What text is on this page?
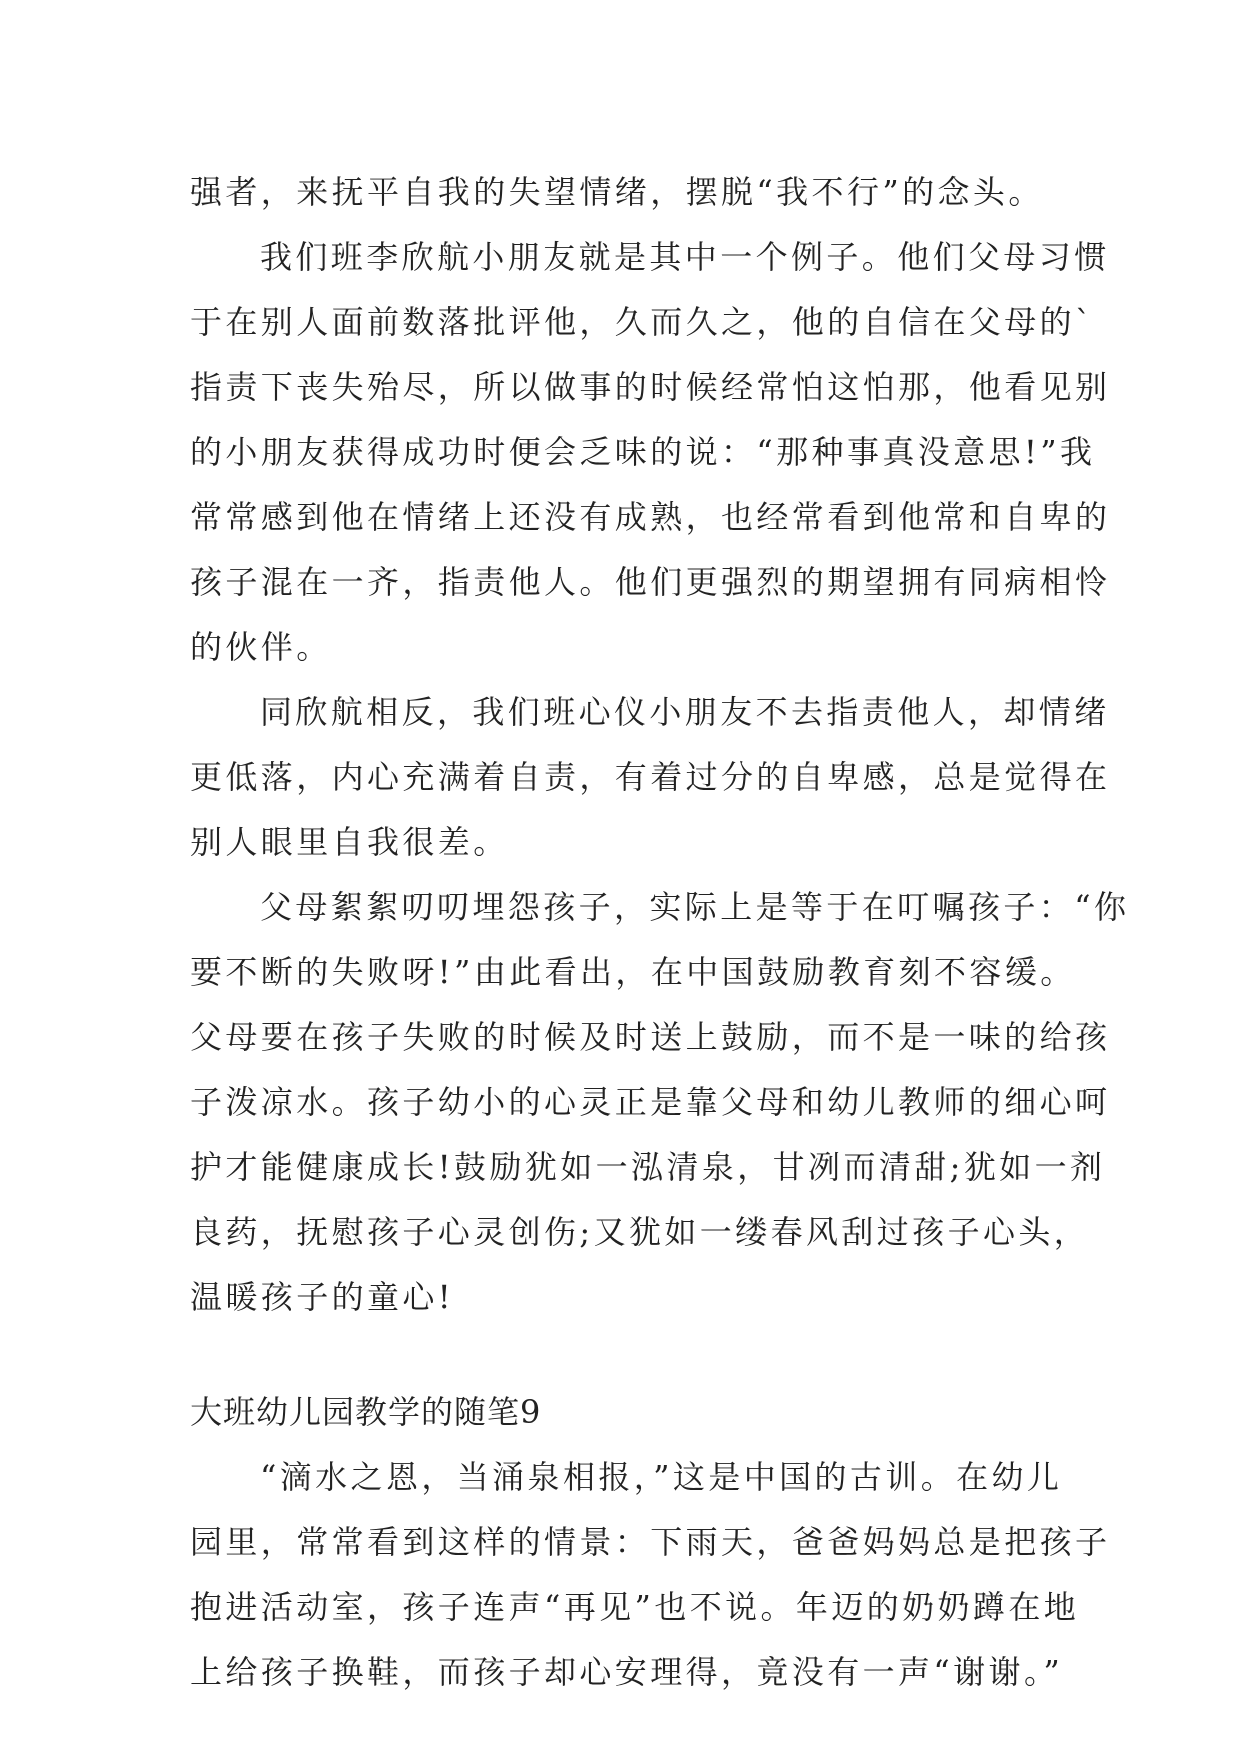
强者，来抚平自我的失望情绪，摆脱“我不行”的念头。
我们班李欣航小朋友就是其中一个例子。他们父母习惯
于在别人面前数落批评他，久而久之，他的自信在父母的`
指责下丧失殆尽，所以做事的时候经常怕这怕那，他看见别
的小朋友获得成功时便会乏味的说：“那种事真没意思!”我
常常感到他在情绪上还没有成熟，也经常看到他常和自卑的
孩子混在一齐，指责他人。他们更强烈的期望拥有同病相怜
的伙伴。
同欣航相反，我们班心仪小朋友不去指责他人，却情绪
更低落，内心充满着自责，有着过分的自卑感，总是觉得在
别人眼里自我很差。
父母絮絮叨叨埋怨孩子，实际上是等于在叮嘱孩子：“你
要不断的失败呀!”由此看出，在中国鼓励教育刻不容缓。
父母要在孩子失败的时候及时送上鼓励，而不是一味的给孩
子泼凉水。孩子幼小的心灵正是靠父母和幼儿教师的细心呵
护才能健康成长!鼓励犹如一泓清泉，甘冽而清甜;犹如一剂
良药，抚慰孩子心灵创伤;又犹如一缕春风刮过孩子心头，
温暖孩子的童心!
大班幼儿园教学的随笔9
“滴水之恩，当涌泉相报，”这是中国的古训。在幼儿
园里，常常看到这样的情景：下雨天，爸爸妈妈总是把孩子
抱进活动室，孩子连声“再见”也不说。年迈的奶奶蹲在地
上给孩子换鞋，而孩子却心安理得，竟没有一声“谢谢。”
